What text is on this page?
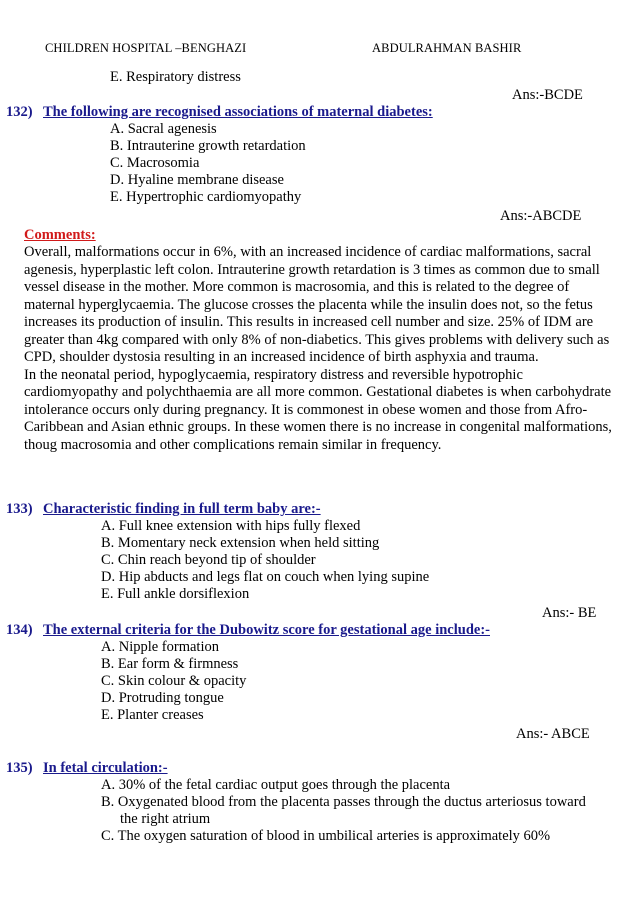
CHILDREN HOSPITAL –BENGHAZI	ABDULRAHMAN BASHIR
E. Respiratory distress
Ans:-BCDE
132) The following are recognised associations of maternal diabetes:
A. Sacral agenesis
B. Intrauterine growth retardation
C. Macrosomia
D. Hyaline membrane disease
E. Hypertrophic cardiomyopathy
Ans:-ABCDE
Comments:

Overall, malformations occur in 6%, with an increased incidence of cardiac malformations, sacral agenesis, hyperplastic left colon. Intrauterine growth retardation is 3 times as common due to small vessel disease in the mother. More common is macrosomia, and this is related to the degree of maternal hyperglycaemia. The glucose crosses the placenta while the insulin does not, so the fetus increases its production of insulin. This results in increased cell number and size. 25% of IDM are greater than 4kg compared with only 8% of non-diabetics. This gives problems with delivery such as CPD, shoulder dystosia resulting in an increased incidence of birth asphyxia and trauma.

In the neonatal period, hypoglycaemia, respiratory distress and reversible hypotrophic cardiomyopathy and polychthaemia are all more common. Gestational diabetes is when carbohydrate intolerance occurs only during pregnancy. It is commonest in obese women and those from Afro-Caribbean and Asian ethnic groups. In these women there is no increase in congenital malformations, thoug macrosomia and other complications remain similar in frequency.

133) Characteristic finding in full term baby are:-
A. Full knee extension with hips fully flexed
B. Momentary neck extension when held sitting
C. Chin reach beyond tip of shoulder
D. Hip abducts and legs flat on couch when lying supine
E. Full ankle dorsiflexion
Ans:- BE
134) The external criteria for the Dubowitz score for gestational age include:-
A. Nipple formation
B. Ear form & firmness
C. Skin colour & opacity
D. Protruding tongue
E. Planter creases
Ans:- ABCE
135) In fetal circulation:-
A. 30% of the fetal cardiac output goes through the placenta
B. Oxygenated blood from the placenta passes through the ductus arteriosus toward
the right atrium
C. The oxygen saturation of blood in umbilical arteries is approximately 60%
